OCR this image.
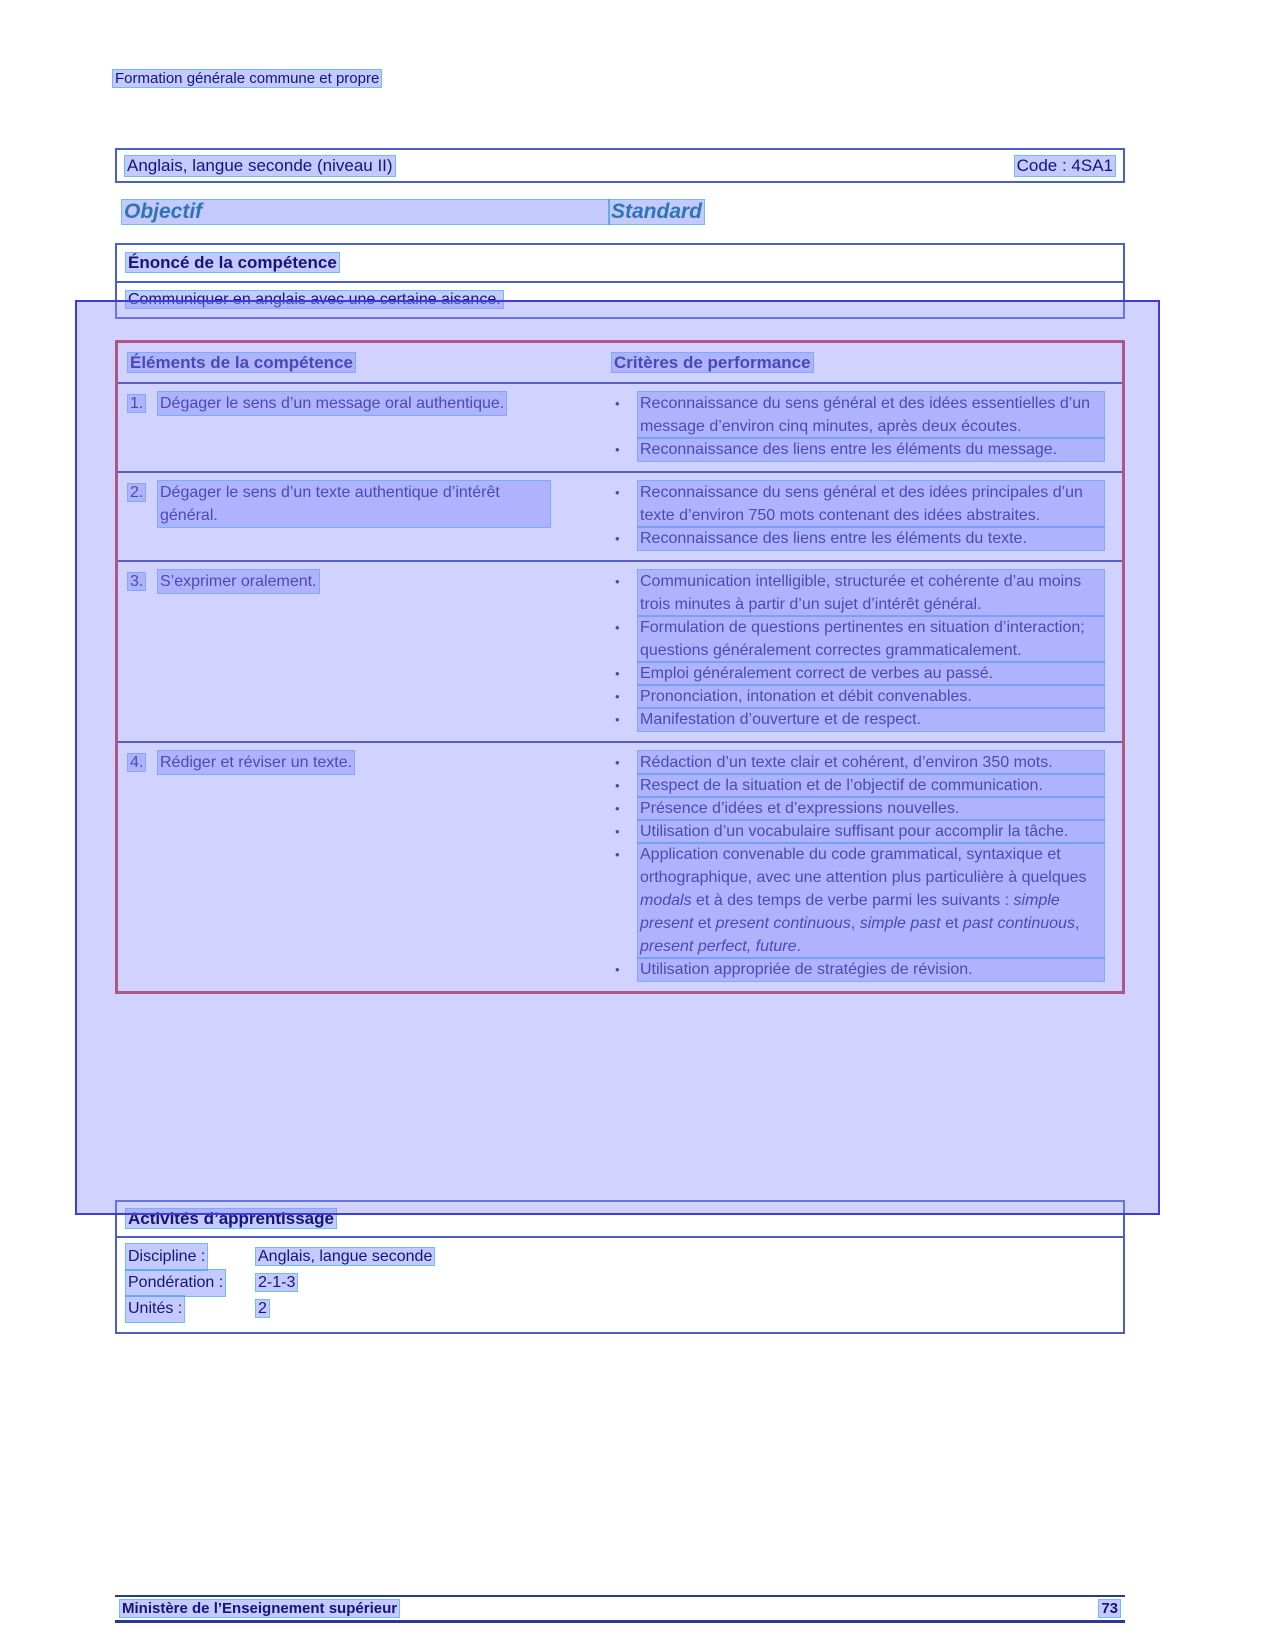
Formation générale commune et propre
Anglais, langue seconde (niveau II)	Code : 4SA1
Objectif	Standard
Énoncé de la compétence
Communiquer en anglais avec une certaine aisance.
Éléments de la compétence	Critères de performance
1.	Dégager le sens d’un message oral authentique.	•	Reconnaissance du sens général et des idées essentielles d’un message d’environ cinq minutes, après deux écoutes.
•	Reconnaissance des liens entre les éléments du message.
2.	Dégager le sens d’un texte authentique d’intérêt général.
•	Reconnaissance du sens général et des idées principales d’un texte d’environ 750 mots contenant des idées abstraites.
•	Reconnaissance des liens entre les éléments du texte.
3.	S’exprimer oralement.	•	Communication intelligible, structurée et cohérente d’au moins trois minutes à partir d’un sujet d’intérêt général.
•	Formulation de questions pertinentes en situation d’interaction; questions généralement correctes grammaticalement.
•	Emploi généralement correct de verbes au passé.
•	Prononciation, intonation et débit convenables.
•	Manifestation d’ouverture et de respect.
4.	Rédiger et réviser un texte.	•	Rédaction d’un texte clair et cohérent, d’environ 350 mots.
•	Respect de la situation et de l’objectif de communication.
•	Présence d’idées et d’expressions nouvelles.
•	Utilisation d’un vocabulaire suffisant pour accomplir la tâche.
•	Application convenable du code grammatical, syntaxique et orthographique, avec une attention plus particulière à quelques modals et à des temps de verbe parmi les suivants : simple present et present continuous, simple past et past continuous, present perfect, future.
•	Utilisation appropriée de stratégies de révision.
Activités d’apprentissage
Discipline :	Anglais, langue seconde
Pondération :	2-1-3
Unités :	2
Ministère de l’Enseignement supérieur	73
